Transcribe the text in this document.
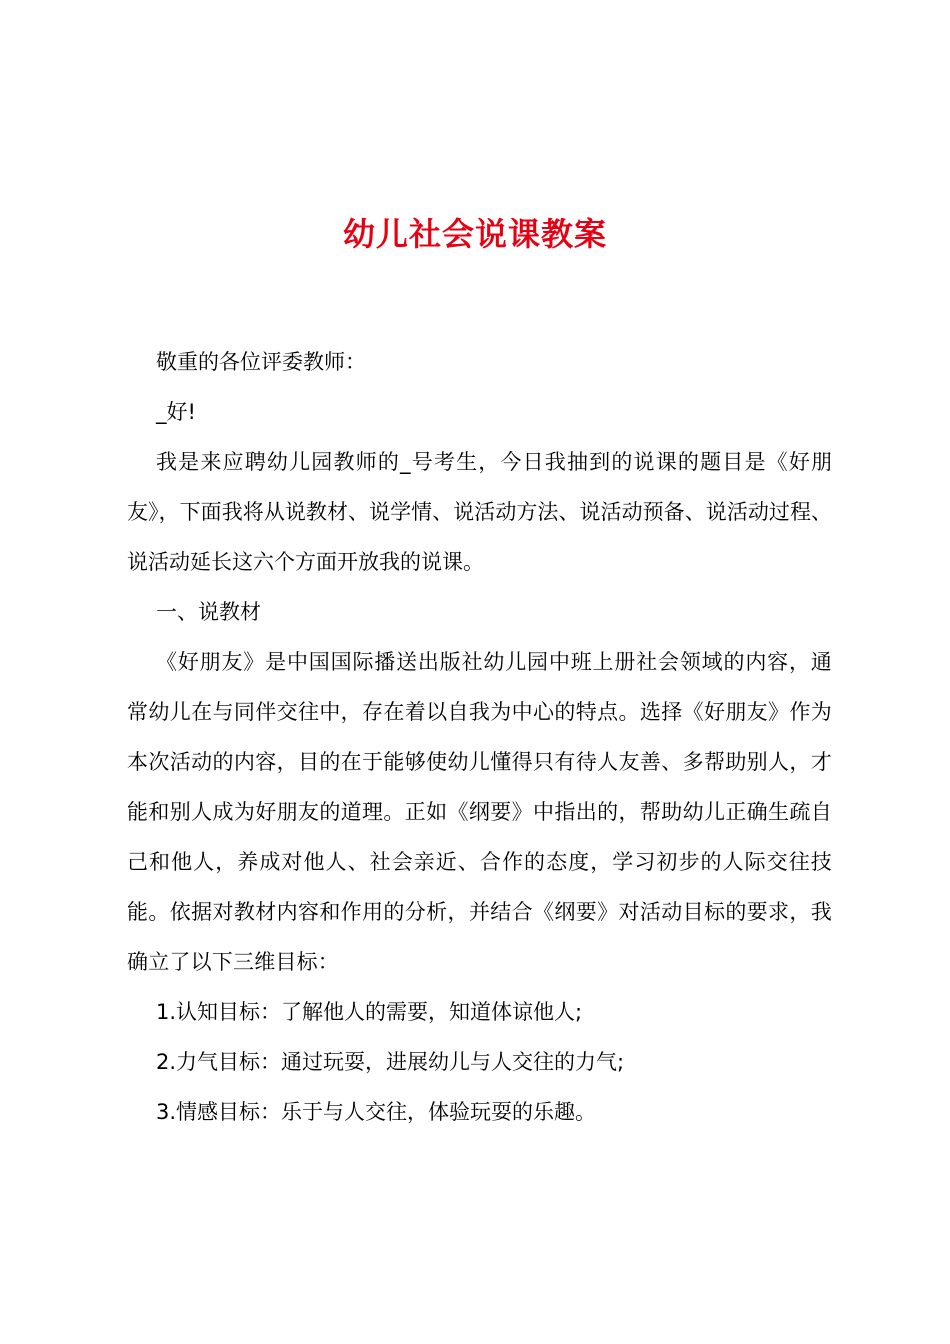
幼儿社会说课教案

敬重的各位评委教师：

_好!

我是来应聘幼儿园教师的_号考生，今日我抽到的说课的题目是《好朋友》，下面我将从说教材、说学情、说活动方法、说活动预备、说活动过程、说活动延长这六个方面开放我的说课。

一、说教材

《好朋友》是中国国际播送出版社幼儿园中班上册社会领域的内容，通常幼儿在与同伴交往中，存在着以自我为中心的特点。选择《好朋友》作为本次活动的内容，目的在于能够使幼儿懂得只有待人友善、多帮助别人，才能和别人成为好朋友的道理。正如《纲要》中指出的，帮助幼儿正确生疏自己和他人，养成对他人、社会亲近、合作的态度，学习初步的人际交往技能。依据对教材内容和作用的分析，并结合《纲要》对活动目标的要求，我确立了以下三维目标：

1.认知目标：了解他人的需要，知道体谅他人;

2.力气目标：通过玩耍，进展幼儿与人交往的力气;

3.情感目标：乐于与人交往，体验玩耍的乐趣。
